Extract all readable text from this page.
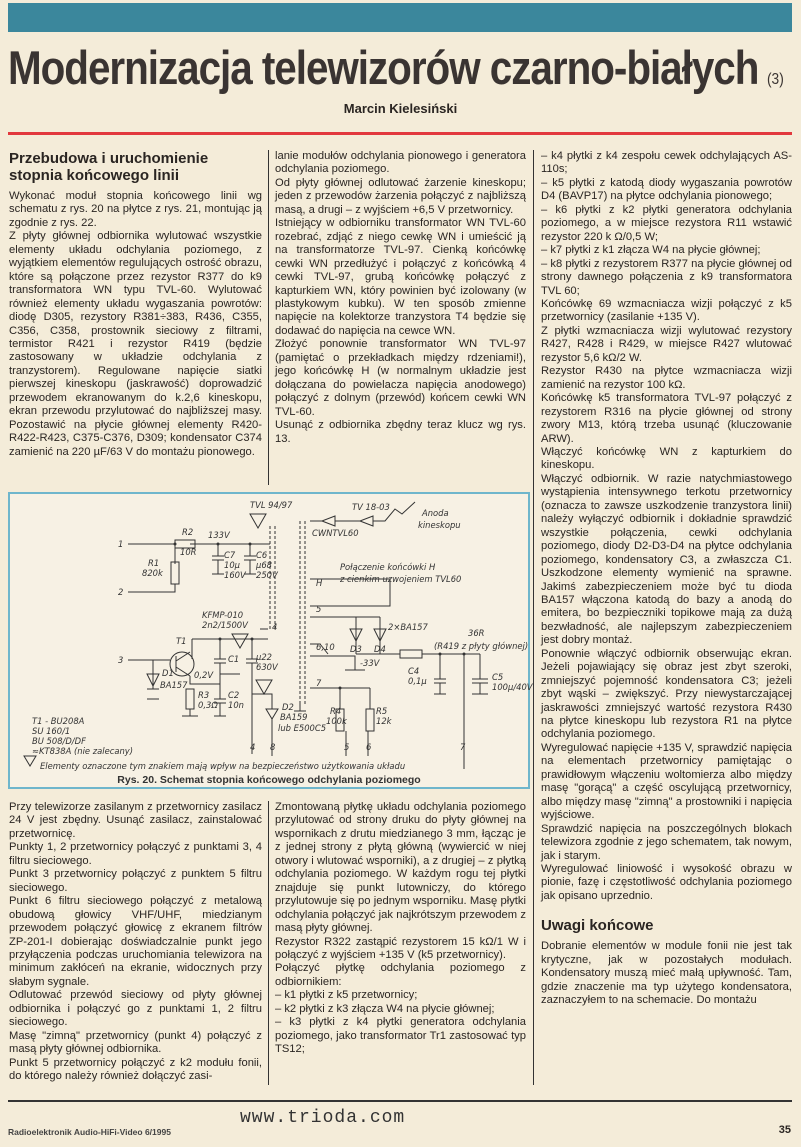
Modernizacja telewizorów czarno-białych (3)
Marcin Kielesiński
Przebudowa i uruchomienie stopnia końcowego linii

Wykonać moduł stopnia końcowego linii wg schematu z rys. 20 na płytce z rys. 21, montując ją zgodnie z rys. 22.

Z płyty głównej odbiornika wylutować wszystkie elementy układu odchylania poziomego, z wyjątkiem elementów regulujących ostrość obrazu, które są połączone przez rezystor R377 do k9 transformatora WN typu TVL-60. Wylutować również elementy układu wygaszania powrotów: diodę D305, rezystory R381÷383, R436, C355, C356, C358, prostownik sieciowy z filtrami, termistor R421 i rezystor R419 (będzie zastosowany w układzie odchylania z tranzystorem). Regulowane napięcie siatki pierwszej kineskopu (jaskrawość) doprowadzić przewodem ekranowanym do k.2,6 kineskopu, ekran przewodu przylutować do najbliższej masy. Pozostawić na płycie głównej elementy R420-R422-R423, C375-C376, D309; kondensator C374 zamienić na 220 µF/63 V do montażu pionowego.

lanie modułów odchylania pionowego i generatora odchylania poziomego.

Od płyty głównej odlutować żarzenie kineskopu; jeden z przewodów żarzenia połączyć z najbliższą masą, a drugi – z wyjściem +6,5 V przetwornicy.

Istniejący w odbiorniku transformator WN TVL-60 rozebrać, zdjąć z niego cewkę WN i umieścić ją na transformatorze TVL-97. Cienką końcówkę cewki WN przedłużyć i połączyć z końcówką 4 cewki TVL-97, grubą końcówkę połączyć z kapturkiem WN, który powinien być izolowany (w plastykowym kubku). W ten sposób zmienne napięcie na kolektorze tranzystora T4 będzie się dodawać do napięcia na cewce WN.

Złożyć ponownie transformator WN TVL-97 (pamiętać o przekładkach między rdzeniami!), jego końcówkę H (w normalnym układzie jest dołączana do powielacza napięcia anodowego) połączyć z dolnym (przewód) końcem cewki WN TVL-60.

Usunąć z odbiornika zbędny teraz klucz wg rys. 13.

– k4 płytki z k4 zespołu cewek odchylających AS-110s;

– k5 płytki z katodą diody wygaszania powrotów D4 (BAVP17) na płytce odchylania pionowego;

– k6 płytki z k2 płytki generatora odchylania poziomego, a w miejsce rezystora R11 wstawić rezystor 220 k Ω/0,5 W;

– k7 płytki z k1 złącza W4 na płycie głównej;

– k8 płytki z rezystorem R377 na płycie głównej od strony dawnego połączenia z k9 transformatora TVL 60;

Końcówkę 69 wzmacniacza wizji połączyć z k5 przetwornicy (zasilanie +135 V).

Z płytki wzmacniacza wizji wylutować rezystory R427, R428 i R429, w miejsce R427 wlutować rezystor 5,6 kΩ/2 W.

Rezystor R430 na płytce wzmacniacza wizji zamienić na rezystor 100 kΩ.

Końcówkę k5 transformatora TVL-97 połączyć z rezystorem R316 na płycie głównej od strony zwory M13, którą trzeba usunąć (kluczowanie ARW).

Włączyć końcówkę WN z kapturkiem do kineskopu.

Włączyć odbiornik. W razie natychmiastowego wystąpienia intensywnego terkotu przetwornicy (oznacza to zawsze uszkodzenie tranzystora linii) należy wyłączyć odbiornik i dokładnie sprawdzić wszystkie połączenia, cewki odchylania poziomego, diody D2-D3-D4 na płytce odchylania poziomego, kondensatory C3, a zwłaszcza C1. Uszkodzone elementy wymienić na sprawne. Jakimś zabezpieczeniem może być tu dioda BA157 włączona katodą do bazy a anodą do emitera, bo bezpieczniki topikowe mają za dużą bezwładność, ale najlepszym zabezpieczeniem jest dobry montaż.

Ponownie włączyć odbiornik obserwując ekran. Jeżeli pojawiający się obraz jest zbyt szeroki, zmniejszyć pojemność kondensatora C3; jeżeli zbyt wąski – zwiększyć. Przy niewystarczającej jaskrawości zmniejszyć wartość rezystora R430 na płytce kineskopu lub rezystora R1 na płytce odchylania poziomego.

Wyregulować napięcie +135 V, sprawdzić napięcia na elementach przetwornicy pamiętając o prawidłowym włączeniu woltomierza albo między masę "gorącą" a część oscylującą przetwornicy, albo między masę "zimną" a prostowniki i napięcia wyjściowe.

Sprawdzić napięcia na poszczególnych blokach telewizora zgodnie z jego schematem, tak nowym, jak i starym.

Wyregulować liniowość i wysokość obrazu w pionie, fazę i częstotliwość odchylania poziomego jak opisano uprzednio.

Uwagi końcowe

Dobranie elementów w module fonii nie jest tak krytyczne, jak w pozostałych modułach. Kondensatory muszą mieć małą upływność. Tam, gdzie znaczenie ma typ użytego kondensatora, zaznaczyłem to na schemacie. Do montażu

TVL 94/97	TV 18-03
Anoda
kineskopu
CWNTVL60
R2
10R
133V
C7
10µ
160V
C6
µ68
250V
1
2
R1
820k
Połączenie końcówki H
z cienkim uzwojeniem TVL60
H
KFMP-010
2n2/1500V
5
4
6,10
7
T1
3
D1
BA157
0,2V
C1 µ22
630V
2×BA157
D3 D4
36R
(R419 z płyty głównej)
-33V
C4
0,1µ	C5
100µ/40V
D2
BA159
lub E500C5
R4
100k
R5
12k
R3
0,3Ω
C2
10n
4 8	5 6	7
T1 - BU208A
SU 160/1
BU 508/D/DF
≈KT838A (nie zalecany)
Elementy oznaczone tym znakiem mają wpływ na bezpieczeństwo użytkowania układu
Rys. 20. Schemat stopnia końcowego odchylania poziomego

Przy telewizorze zasilanym z przetwornicy zasilacz 24 V jest zbędny. Usunąć zasilacz, zainstalować przetwornicę.

Punkty 1, 2 przetwornicy połączyć z punktami 3, 4 filtru sieciowego.

Punkt 3 przetwornicy połączyć z punktem 5 filtru sieciowego.

Punkt 6 filtru sieciowego połączyć z metalową obudową głowicy VHF/UHF, miedzianym przewodem połączyć głowicę z ekranem filtrów ZP-201-I dobierając doświadczalnie punkt jego przyłączenia podczas uruchomiania telewizora na minimum zakłóceń na ekranie, widocznych przy słabym sygnale.

Odlutować przewód sieciowy od płyty głównej odbiornika i połączyć go z punktami 1, 2 filtru sieciowego.

Masę "zimną" przetwornicy (punkt 4) połączyć z masą płyty głównej odbiornika.

Punkt 5 przetwornicy połączyć z k2 modułu fonii, do którego należy również dołączyć zasi-

Zmontowaną płytkę układu odchylania poziomego przylutować od strony druku do płyty głównej na wspornikach z drutu miedzianego 3 mm, łącząc je z jednej strony z płytą główną (wywiercić w niej otwory i wlutować wsporniki), a z drugiej – z płytką odchylania poziomego. W każdym rogu tej płytki znajduje się punkt lutowniczy, do którego przylutowuje się po jednym wsporniku. Masę płytki odchylania połączyć jak najkrótszym przewodem z masą płyty głównej.

Rezystor R322 zastąpić rezystorem 15 kΩ/1 W i połączyć z wyjściem +135 V (k5 przetwornicy).

Połączyć płytkę odchylania poziomego z odbiornikiem:

– k1 płytki z k5 przetwornicy;

– k2 płytki z k3 złącza W4 na płycie głównej;

– k3 płytki z k4 płytki generatora odchylania poziomego, jako transformator Tr1 zastosować typ TS12;

www.trioda.com
Radioelektronik Audio-HiFi-Video 6/1995	35
